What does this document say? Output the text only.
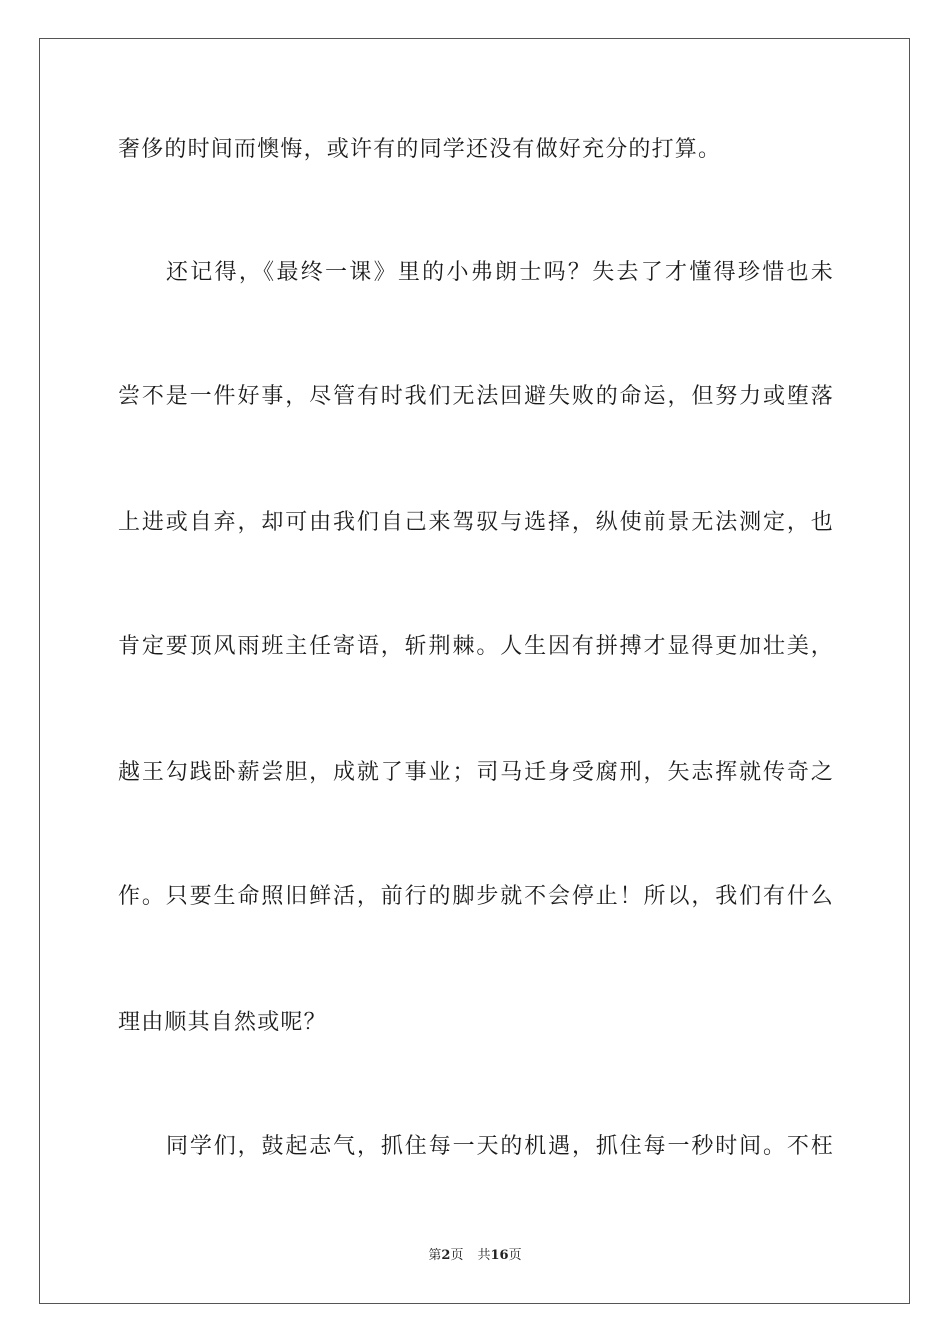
奢侈的时间而懊悔，或许有的同学还没有做好充分的打算。
还记得，《最终一课》里的小弗朗士吗？失去了才懂得珍惜也未
尝不是一件好事，尽管有时我们无法回避失败的命运，但努力或堕落
上进或自弃，却可由我们自己来驾驭与选择，纵使前景无法测定，也
肯定要顶风雨班主任寄语，斩荆棘。人生因有拼搏才显得更加壮美，
越王勾践卧薪尝胆，成就了事业；司马迁身受腐刑，矢志挥就传奇之
作。只要生命照旧鲜活，前行的脚步就不会停止！所以，我们有什么
理由顺其自然或呢？
同学们，鼓起志气，抓住每一天的机遇，抓住每一秒时间。不枉
第2页 共16页
